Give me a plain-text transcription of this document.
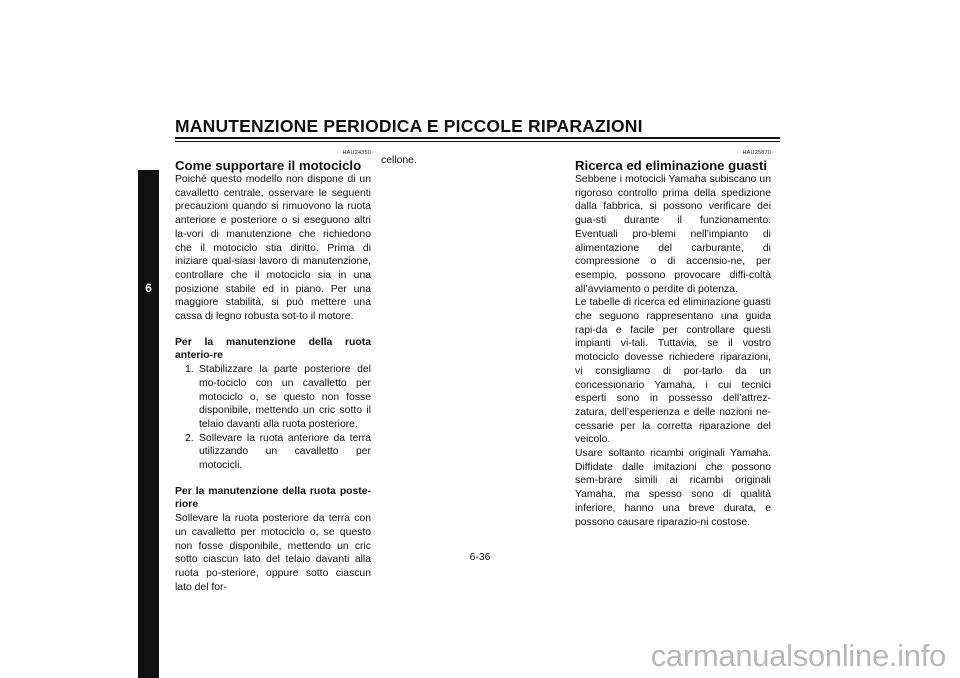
MANUTENZIONE PERIODICA E PICCOLE RIPARAZIONI
6
HAU24350
Come supportare il motociclo

Poiché questo modello non dispone di un cavalletto centrale, osservare le seguenti precauzioni quando si rimuovono la ruota anteriore e posteriore o si eseguono altri la-vori di manutenzione che richiedono che il motociclo stia diritto. Prima di iniziare qual-siasi lavoro di manutenzione, controllare che il motociclo sia in una posizione stabile ed in piano. Per una maggiore stabilità, si può mettere una cassa di legno robusta sot-to il motore.

Per la manutenzione della ruota anterio-re

1. Stabilizzare la parte posteriore del mo-tociclo con un cavalletto per motociclo o, se questo non fosse disponibile, mettendo un cric sotto il telaio davanti alla ruota posteriore.
2. Sollevare la ruota anteriore da terra utilizzando un cavalletto per motocicli.

Per la manutenzione della ruota poste-riore

Sollevare la ruota posteriore da terra con un cavalletto per motociclo o, se questo non fosse disponibile, mettendo un cric sotto ciascun lato del telaio davanti alla ruota po-steriore, oppure sotto ciascun lato del for-

cellone.

HAU25870
Ricerca ed eliminazione guasti

Sebbene i motocicli Yamaha subiscano un rigoroso controllo prima della spedizione dalla fabbrica, si possono verificare dei gua-sti durante il funzionamento. Eventuali pro-blemi nell’impianto di alimentazione del carburante, di compressione o di accensio-ne, per esempio, possono provocare diffi-coltà all’avviamento o perdite di potenza.

Le tabelle di ricerca ed eliminazione guasti che seguono rappresentano una guida rapi-da e facile per controllare questi impianti vi-tali. Tuttavia, se il vostro motociclo dovesse richiedere riparazioni, vi consigliamo di por-tarlo da un concessionario Yamaha, i cui tecnici esperti sono in possesso dell’attrez-zatura, dell’esperienza e delle nozioni ne-cessarie per la corretta riparazione del veicolo.

Usare soltanto ricambi originali Yamaha. Diffidate dalle imitazioni che possono sem-brare simili ai ricambi originali Yamaha, ma spesso sono di qualità inferiore, hanno una breve durata, e possono causare riparazio-ni costose.

6-36
carmanualsonline.info
